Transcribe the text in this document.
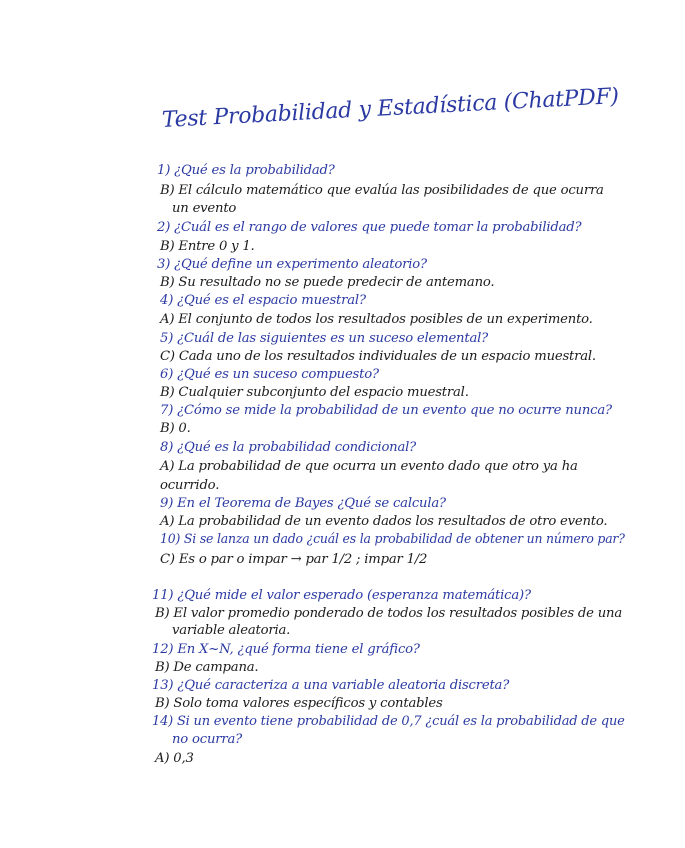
Test Probabilidad y Estadística (ChatPDF)
1) ¿Qué es la probabilidad?
B) El cálculo matemático que evalúa las posibilidades de que ocurra
un evento
2) ¿Cuál es el rango de valores que puede tomar la probabilidad?
B) Entre 0 y 1.
3) ¿Qué define un experimento aleatorio?
B) Su resultado no se puede predecir de antemano.
4) ¿Qué es el espacio muestral?
A) El conjunto de todos los resultados posibles de un experimento.
5) ¿Cuál de las siguientes es un suceso elemental?
C) Cada uno de los resultados individuales de un espacio muestral.
6) ¿Qué es un suceso compuesto?
B) Cualquier subconjunto del espacio muestral.
7) ¿Cómo se mide la probabilidad de un evento que no ocurre nunca?
B) 0.
8) ¿Qué es la probabilidad condicional?
A) La probabilidad de que ocurra un evento dado que otro ya ha
ocurrido.
9) En el Teorema de Bayes ¿Qué se calcula?
A) La probabilidad de un evento dados los resultados de otro evento.
10) Si se lanza un dado ¿cuál es la probabilidad de obtener un número par?
C) Es o par o impar → par 1/2 ; impar 1/2
11) ¿Qué mide el valor esperado (esperanza matemática)?
B) El valor promedio ponderado de todos los resultados posibles de una
variable aleatoria.
12) En X~N, ¿qué forma tiene el gráfico?
B) De campana.
13) ¿Qué caracteriza a una variable aleatoria discreta?
B) Solo toma valores específicos y contables
14) Si un evento tiene probabilidad de 0,7 ¿cuál es la probabilidad de que
no ocurra?
A) 0,3
